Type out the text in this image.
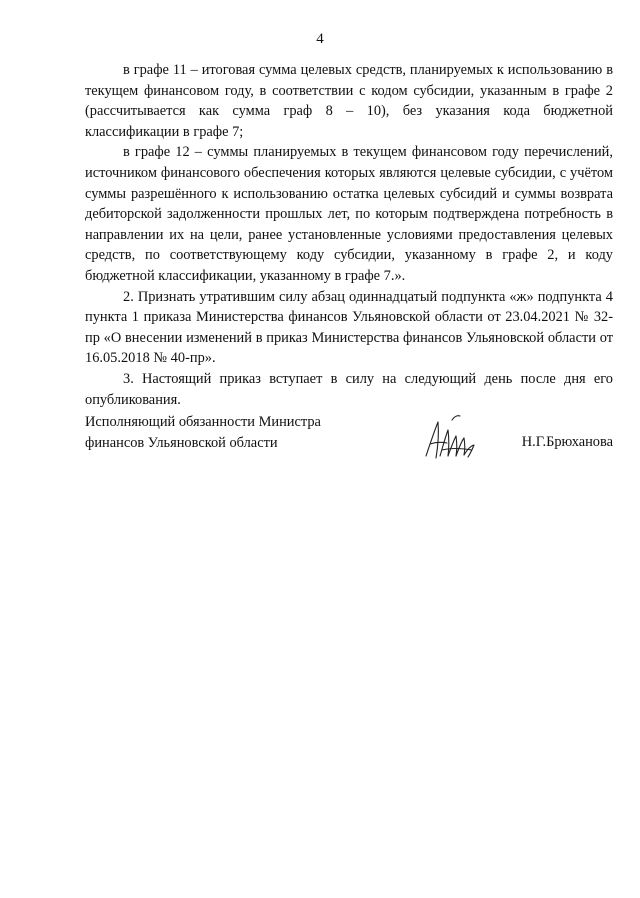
4

в графе 11 – итоговая сумма целевых средств, планируемых к использованию в текущем финансовом году, в соответствии с кодом субсидии, указанным в графе 2 (рассчитывается как сумма граф 8 – 10), без указания кода бюджетной классификации в графе 7;

в графе 12 – суммы планируемых в текущем финансовом году перечислений, источником финансового обеспечения которых являются целевые субсидии, с учётом суммы разрешённого к использованию остатка целевых субсидий и суммы возврата дебиторской задолженности прошлых лет, по которым подтверждена потребность в направлении их на цели, ранее установленные условиями предоставления целевых средств, по соответствующему коду субсидии, указанному в графе 2, и коду бюджетной классификации, указанному в графе 7.».

2. Признать утратившим силу абзац одиннадцатый подпункта «ж» подпункта 4 пункта 1 приказа Министерства финансов Ульяновской области от 23.04.2021 № 32-пр «О внесении изменений в приказ Министерства финансов Ульяновской области от 16.05.2018 № 40-пр».

3. Настоящий приказ вступает в силу на следующий день после дня его опубликования.

Исполняющий обязанности Министра
финансов Ульяновской области	Н.Г.Брюханова
